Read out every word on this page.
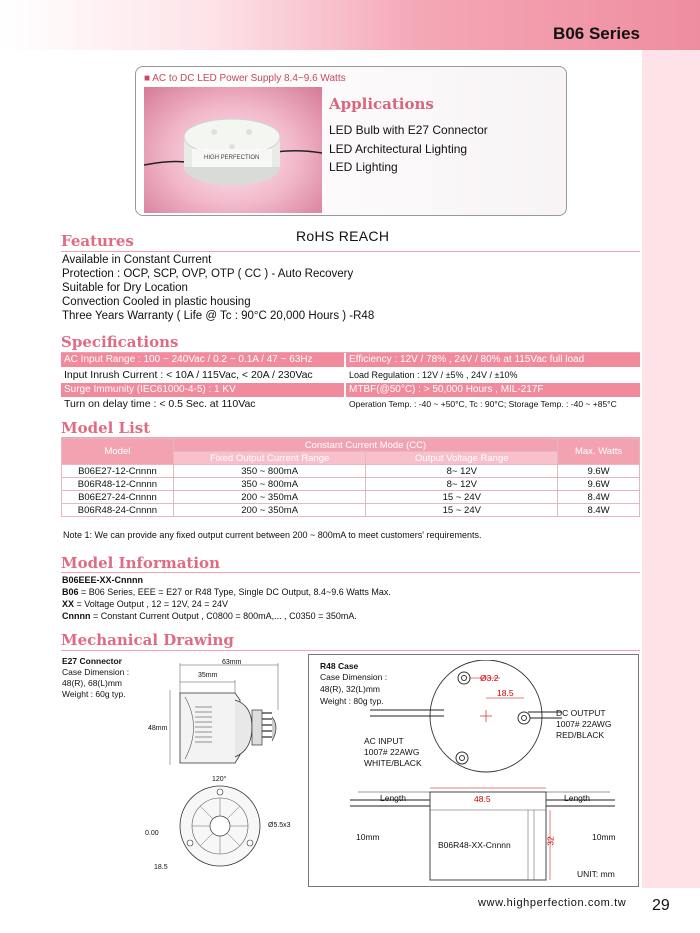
B06 Series
■ AC to DC LED Power Supply 8.4~9.6 Watts
HIGH PERFECTION
Applications
LED Bulb with E27 Connector
LED Architectural Lighting
LED Lighting
RoHS REACH
Features
Available in Constant Current
Protection : OCP, SCP, OVP, OTP ( CC ) - Auto Recovery
Suitable for Dry Location
Convection Cooled in plastic housing
Three Years Warranty ( Life @ Tc : 90°C 20,000 Hours ) -R48
Specifications
AC Input Range : 100 ~ 240Vac / 0.2 ~ 0.1A / 47 ~ 63Hz	Efficiency : 12V / 78% , 24V / 80% at 115Vac full load
Input Inrush Current : < 10A / 115Vac, < 20A / 230Vac	Load Regulation : 12V / ±5% , 24V / ±10%
Surge Immunity (IEC61000-4-5) : 1 KV	MTBF(@50°C) : > 50,000 Hours , MIL-217F
Turn on delay time : < 0.5 Sec. at 110Vac	Operation Temp. : -40 ~ +50°C, Tc : 90°C; Storage Temp. : -40 ~ +85°C
Model List
Model	Constant Current Mode (CC)		Max. Watts
	Fixed Output Current Range	Output Voltage Range	
B06E27-12-Cnnnn	350 ~ 800mA	8~ 12V	9.6W
B06R48-12-Cnnnn	350 ~ 800mA	8~ 12V	9.6W
B06E27-24-Cnnnn	200 ~ 350mA	15 ~ 24V	8.4W
B06R48-24-Cnnnn	200 ~ 350mA	15 ~ 24V	8.4W
Note 1: We can provide any fixed output current between 200 ~ 800mA to meet customers' requirements.
Model Information
B06EEE-XX-Cnnnn
B06 = B06 Series, EEE = E27 or R48 Type, Single DC Output, 8.4~9.6 Watts Max.
XX = Voltage Output , 12 = 12V, 24 = 24V
Cnnnn = Constant Current Output , C0800 = 800mA,... , C0350 = 350mA.
Mechanical Drawing
E27 Connector
Case Dimension :
48(R), 68(L)mm
Weight : 60g typ.
63mm
35mm
48mm
120°
Ø5.5x3
0.00
18.5
R48 Case
Case Dimension :
48(R), 32(L)mm
Weight : 80g typ.
Ø3.2
18.5
DC OUTPUT
1007# 22AWG
RED/BLACK
AC INPUT
1007# 22AWG
WHITE/BLACK
Length	Length
48.5
10mm	10mm
B06R48-XX-Cnnnn	32
UNIT: mm
www.highperfection.com.tw 29
